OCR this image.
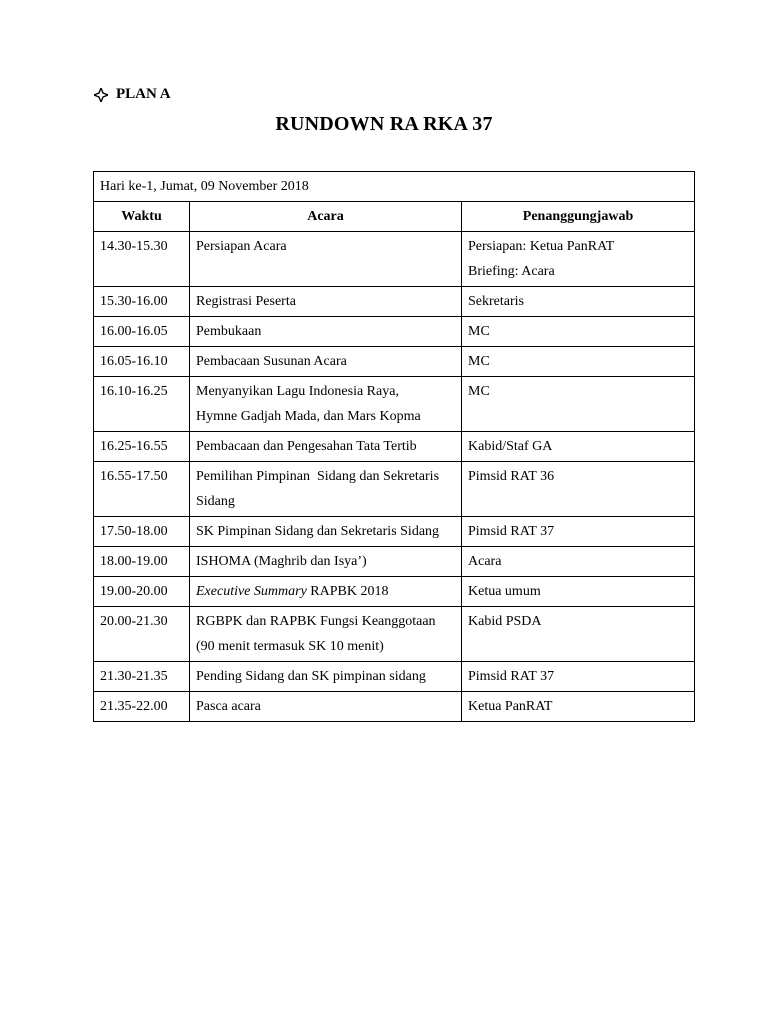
PLAN A
RUNDOWN RA RKA 37
Hari ke-1, Jumat, 09 November 2018		
Waktu	Acara	Penanggungjawab
14.30-15.30	Persiapan Acara	Persiapan: Ketua PanRAT
Briefing: Acara

15.30-16.00	Registrasi Peserta	Sekretaris

16.00-16.05	Pembukaan	MC

16.05-16.10	Pembacaan Susunan Acara	MC

16.10-16.25	Menyanyikan Lagu Indonesia Raya,
Hymne Gadjah Mada, dan Mars Kopma	MC

16.25-16.55	Pembacaan dan Pengesahan Tata Tertib	Kabid/Staf GA

16.55-17.50	Pemilihan Pimpinan  Sidang dan Sekretaris
Sidang	Pimsid RAT 36

17.50-18.00	SK Pimpinan Sidang dan Sekretaris Sidang	Pimsid RAT 37

18.00-19.00	ISHOMA (Maghrib dan Isya’)	Acara

19.00-20.00	Executive Summary RAPBK 2018	Ketua umum

20.00-21.30	RGBPK dan RAPBK Fungsi Keanggotaan
(90 menit termasuk SK 10 menit)	Kabid PSDA

21.30-21.35	Pending Sidang dan SK pimpinan sidang	Pimsid RAT 37

21.35-22.00	Pasca acara	Ketua PanRAT
